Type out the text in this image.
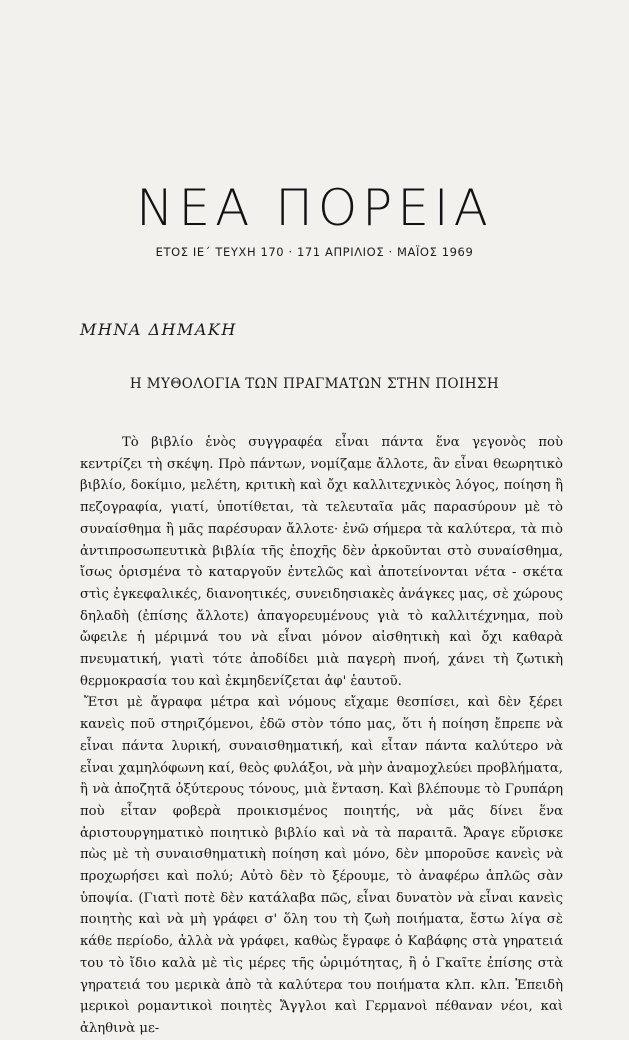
ΝΕΑ ΠΟΡΕΙΑ
ΕΤΟΣ ΙΕ΄ ΤΕΥΧΗ 170 · 171 ΑΠΡΙΛΙΟΣ · ΜΑΪΟΣ 1969
ΜΗΝΑ ΔΗΜΑΚΗ
Η ΜΥΘΟΛΟΓΙΑ ΤΩΝ ΠΡΑΓΜΑΤΩΝ ΣΤΗΝ ΠΟΙΗΣΗ

Τὸ βιβλίο ἑνὸς συγγραφέα εἶναι πάντα ἕνα γεγονὸς ποὺ κεντρίζει τὴ σκέψη. Πρὸ πάντων, νομίζαμε ἄλλοτε, ἂν εἶναι θεωρητικὸ βιβλίο, δοκίμιο, μελέτη, κριτικὴ καὶ ὄχι καλλιτεχνικὸς λόγος, ποίηση ἢ πεζογραφία, γιατί, ὑποτίθεται, τὰ τελευταῖα μᾶς παρασύρουν μὲ τὸ συναίσθημα ἢ μᾶς παρέσυραν ἄλλοτε· ἐνῶ σήμερα τὰ καλύτερα, τὰ πιὸ ἀντιπροσωπευτικὰ βιβλία τῆς ἐποχῆς δὲν ἀρκοῦνται στὸ συναίσθημα, ἴσως ὁρισμένα τὸ καταργοῦν ἐντελῶς καὶ ἀποτείνονται νέτα - σκέτα στὶς ἐγκεφαλικές, διανοητικές, συνειδησιακὲς ἀνάγκες μας, σὲ χώρους δηλαδὴ (ἐπίσης ἄλλοτε) ἀπαγορευμένους γιὰ τὸ καλλιτέχνημα, ποὺ ὤφειλε ἡ μέριμνά του νὰ εἶναι μόνον αἰσθητικὴ καὶ ὄχι καθαρὰ πνευματική, γιατὶ τότε ἀποδίδει μιὰ παγερὴ πνοή, χάνει τὴ ζωτικὴ θερμοκρασία του καὶ ἐκμηδενίζεται ἀφ' ἑαυτοῦ.

Ἔτσι μὲ ἄγραφα μέτρα καὶ νόμους εἴχαμε θεσπίσει, καὶ δὲν ξέρει κανεὶς ποῦ στηριζόμενοι, ἐδῶ στὸν τόπο μας, ὅτι ἡ ποίηση ἔπρεπε νὰ εἶναι πάντα λυρική, συναισθηματική, καὶ εἶταν πάντα καλύτερο νὰ εἶναι χαμηλόφωνη καί, θεὸς φυλάξοι, νὰ μὴν ἀναμοχλεύει προβλήματα, ἢ νὰ ἀποζητᾶ ὀξύτερους τόνους, μιὰ ἔνταση. Καὶ βλέπουμε τὸ Γρυπάρη ποὺ εἶταν φοβερὰ προικισμένος ποιητής, νὰ μᾶς δίνει ἕνα ἀριστουργηματικὸ ποιητικὸ βιβλίο καὶ νὰ τὰ παραιτᾶ. Ἄραγε εὕρισκε πὼς μὲ τὴ συναισθηματικὴ ποίηση καὶ μόνο, δὲν μποροῦσε κανεὶς νὰ προχωρήσει καὶ πολύ; Αὐτὸ δὲν τὸ ξέρουμε, τὸ ἀναφέρω ἁπλῶς σὰν ὑποψία. (Γιατὶ ποτὲ δὲν κατάλαβα πῶς, εἶναι δυνατὸν νὰ εἶναι κανεὶς ποιητὴς καὶ νὰ μὴ γράφει σ' ὅλη του τὴ ζωὴ ποιήματα, ἔστω λίγα σὲ κάθε περίοδο, ἀλλὰ νὰ γράφει, καθὼς ἔγραφε ὁ Καβάφης στὰ γηρατειά του τὸ ἴδιο καλὰ μὲ τὶς μέρες τῆς ὡριμότητας, ἢ ὁ Γκαῖτε ἐπίσης στὰ γηρατειά του μερικὰ ἀπὸ τὰ καλύτερα του ποιήματα κλπ. κλπ. Ἐπειδὴ μερικοὶ ρομαντικοὶ ποιητὲς Ἄγγλοι καὶ Γερμανοὶ πέθαναν νέοι, καὶ ἀληθινὰ με-
